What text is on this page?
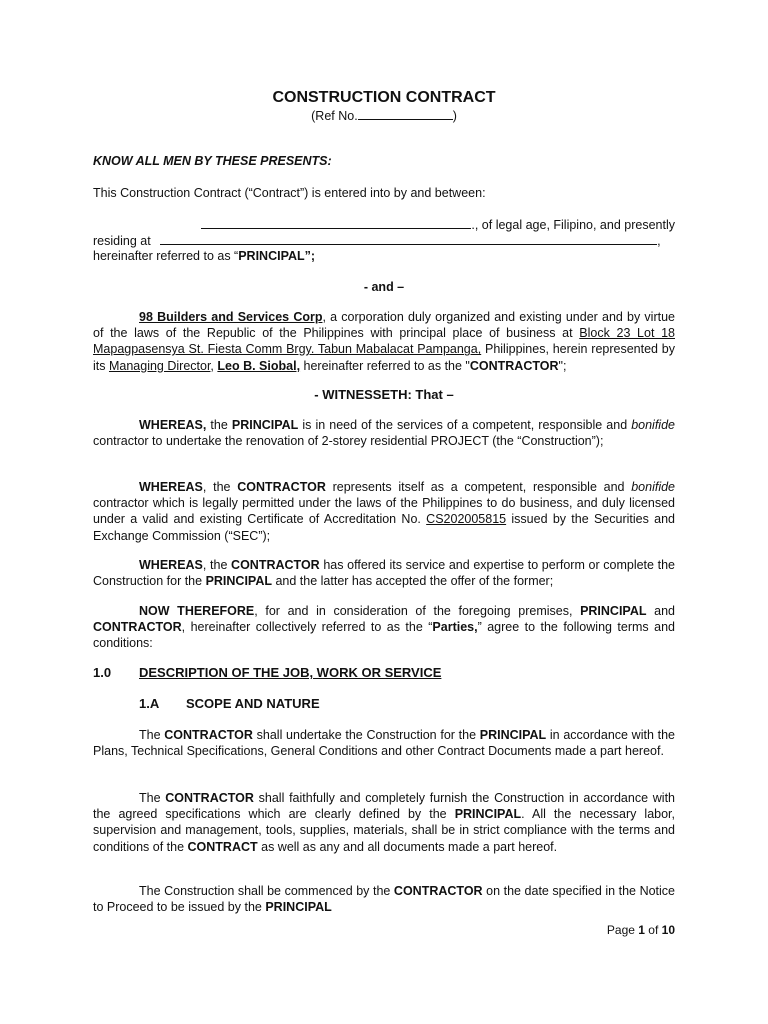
CONSTRUCTION CONTRACT
(Ref No.	)
KNOW ALL MEN BY THESE PRESENTS:
This Construction Contract (“Contract”) is entered into by and between:
., of legal age, Filipino, and presently
residing at	,
hereinafter referred to as “PRINCIPAL”;
- and –
98 Builders and Services Corp, a corporation duly organized and existing under and by virtue of the laws of the Republic of the Philippines with principal place of business at Block 23 Lot 18 Mapagpasensya St. Fiesta Comm Brgy. Tabun Mabalacat Pampanga, Philippines, herein represented by its Managing Director, Leo B. Siobal, hereinafter referred to as the "CONTRACTOR";
- WITNESSETH: That –
WHEREAS, the PRINCIPAL is in need of the services of a competent, responsible and bonifide contractor to undertake the renovation of 2-storey residential PROJECT (the “Construction”);
WHEREAS, the CONTRACTOR represents itself as a competent, responsible and bonifide contractor which is legally permitted under the laws of the Philippines to do business, and duly licensed under a valid and existing Certificate of Accreditation No. CS202005815 issued by the Securities and Exchange Commission (“SEC”);
WHEREAS, the CONTRACTOR has offered its service and expertise to perform or complete the Construction for the PRINCIPAL and the latter has accepted the offer of the former;
NOW THEREFORE, for and in consideration of the foregoing premises, PRINCIPAL and CONTRACTOR, hereinafter collectively referred to as the “Parties,” agree to the following terms and conditions:
1.0 DESCRIPTION OF THE JOB, WORK OR SERVICE
1.A SCOPE AND NATURE
The CONTRACTOR shall undertake the Construction for the PRINCIPAL in accordance with the Plans, Technical Specifications, General Conditions and other Contract Documents made a part hereof.
The CONTRACTOR shall faithfully and completely furnish the Construction in accordance with the agreed specifications which are clearly defined by the PRINCIPAL. All the necessary labor, supervision and management, tools, supplies, materials, shall be in strict compliance with the terms and conditions of the CONTRACT as well as any and all documents made a part hereof.
The Construction shall be commenced by the CONTRACTOR on the date specified in the Notice to Proceed to be issued by the PRINCIPAL
Page 1 of 10
